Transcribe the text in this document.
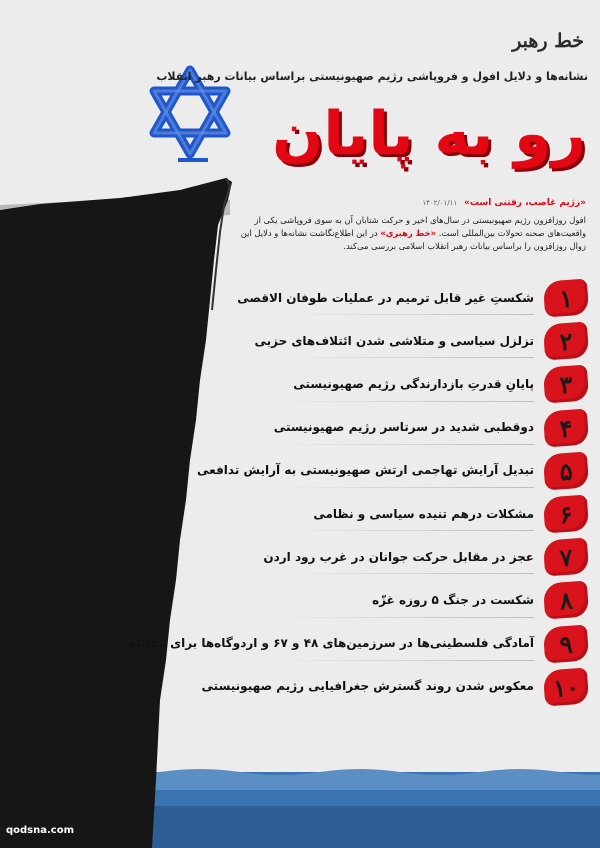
خط رهبر
نشانه‌ها و دلایل افول و فروپاشی رژیم صهیونیستی براساس بیانات رهبر انقلاب
رو به پایان
«رژیم غاصب، رفتنی است» ۱۴۰۲/۰۱/۱۱
افول روزافزون رژیم صهیونیستی در سال‌های اخیر و حرکت شتابان آن به سوی فروپاشی یکی از واقعیت‌های صحنه تحولات بین‌المللی است. «خط رهبری» در این اطلاع‌نگاشت نشانه‌ها و دلایل این زوال روزافزون را براساس بیانات رهبر انقلاب اسلامی بررسی می‌کند.
شکستِ غیر قابل ترمیم در عملیات طوفان الاقصی	۱
تزلزل سیاسی و متلاشی شدن ائتلاف‌های حزبی	۲
پایانِ قدرتِ بازدارندگی رژیم صهیونیستی	۳
دوقطبی شدید در سرتاسر رژیم صهیونیستی	۴
تبدیل آرایش تهاجمی ارتش صهیونیستی به آرایش تدافعی	۵
مشکلات درهم تنیده سیاسی و نظامی	۶
عجز در مقابل حرکت جوانان در غرب رود اردن	۷
شکست در جنگ ۵ روزه غزّه	۸
آمادگی فلسطینی‌ها در سرزمین‌های ۴۸ و ۶۷ و اردوگاه‌ها برای مقابله	۹
معکوس شدن روند گسترش جغرافیایی رژیم صهیونیستی ۱۰
qodsna.com
